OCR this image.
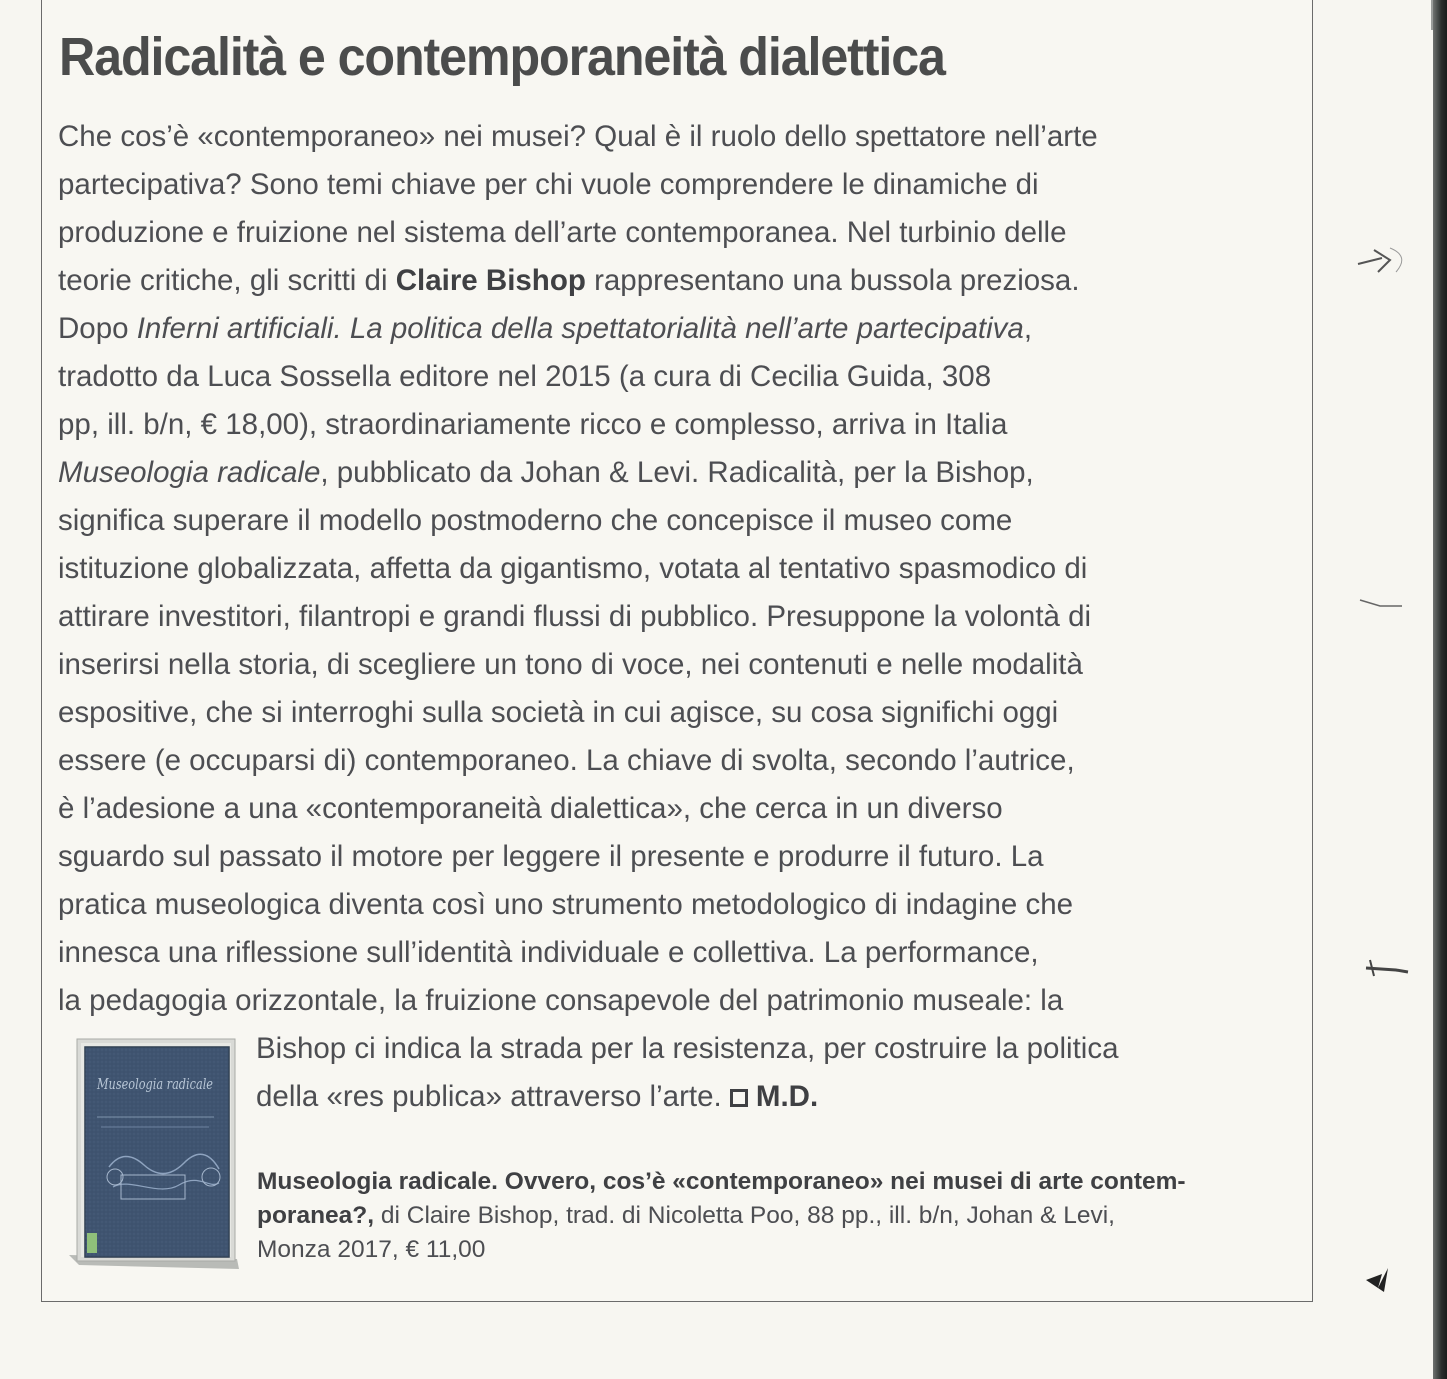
Radicalità e contemporaneità dialettica
Che cos’è «contemporaneo» nei musei? Qual è il ruolo dello spettatore nell’arte
partecipativa? Sono temi chiave per chi vuole comprendere le dinamiche di
produzione e fruizione nel sistema dell’arte contemporanea. Nel turbinio delle
teorie critiche, gli scritti di Claire Bishop rappresentano una bussola preziosa.
Dopo Inferni artificiali. La politica della spettatorialità nell’arte partecipativa,
tradotto da Luca Sossella editore nel 2015 (a cura di Cecilia Guida, 308
pp, ill. b/n, € 18,00), straordinariamente ricco e complesso, arriva in Italia
Museologia radicale, pubblicato da Johan & Levi. Radicalità, per la Bishop,
significa superare il modello postmoderno che concepisce il museo come
istituzione globalizzata, affetta da gigantismo, votata al tentativo spasmodico di
attirare investitori, filantropi e grandi flussi di pubblico. Presuppone la volontà di
inserirsi nella storia, di scegliere un tono di voce, nei contenuti e nelle modalità
espositive, che si interroghi sulla società in cui agisce, su cosa significhi oggi
essere (e occuparsi di) contemporaneo. La chiave di svolta, secondo l’autrice,
è l’adesione a una «contemporaneità dialettica», che cerca in un diverso
sguardo sul passato il motore per leggere il presente e produrre il futuro. La
pratica museologica diventa così uno strumento metodologico di indagine che
innesca una riflessione sull’identità individuale e collettiva. La performance,
la pedagogia orizzontale, la fruizione consapevole del patrimonio museale: la
Bishop ci indica la strada per la resistenza, per costruire la politica
della «res publica» attraverso l’arte. M.D.
Museologia radicale
Museologia radicale. Ovvero, cos’è «contemporaneo» nei musei di arte contem-
poranea?, di Claire Bishop, trad. di Nicoletta Poo, 88 pp., ill. b/n, Johan & Levi,
Monza 2017, € 11,00
